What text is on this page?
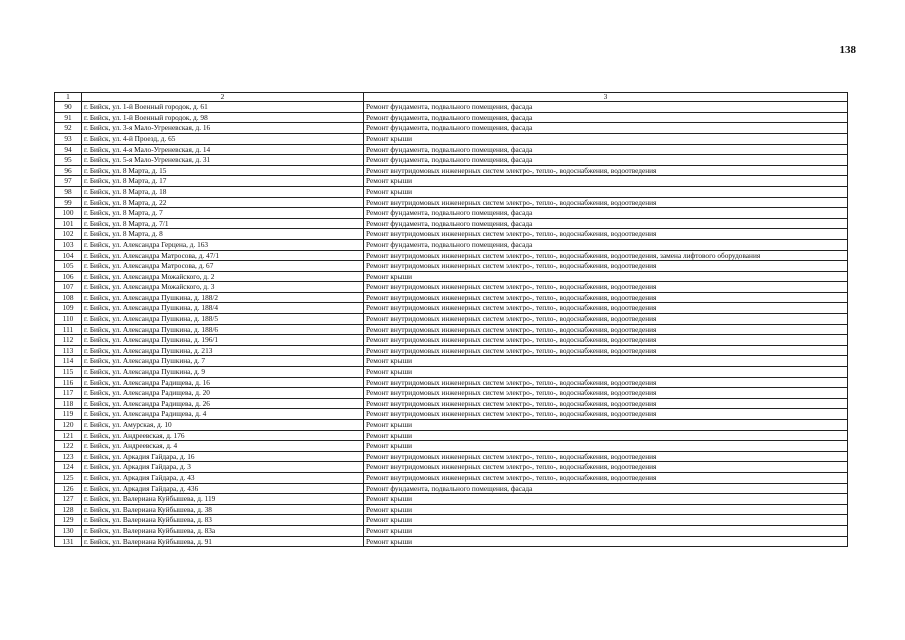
138
1	2	3
90	г. Бийск, ул. 1-й Военный городок, д. 61	Ремонт фундамента, подвального помещения, фасада
91	г. Бийск, ул. 1-й Военный городок, д. 98	Ремонт фундамента, подвального помещения, фасада
92	г. Бийск, ул. 3-я Мало-Угреневская, д. 16	Ремонт фундамента, подвального помещения, фасада
93	г. Бийск, ул. 4-й Проезд, д. 65	Ремонт крыши
94	г. Бийск, ул. 4-я Мало-Угреневская, д. 14	Ремонт фундамента, подвального помещения, фасада
95	г. Бийск, ул. 5-я Мало-Угреневская, д. 31	Ремонт фундамента, подвального помещения, фасада
96	г. Бийск, ул. 8 Марта, д. 15	Ремонт внутридомовых инженерных систем электро-, тепло-, водоснабжения, водоотведения
97	г. Бийск, ул. 8 Марта, д. 17	Ремонт крыши
98	г. Бийск, ул. 8 Марта, д. 18	Ремонт крыши
99	г. Бийск, ул. 8 Марта, д. 22	Ремонт внутридомовых инженерных систем электро-, тепло-, водоснабжения, водоотведения
100	г. Бийск, ул. 8 Марта, д. 7	Ремонт фундамента, подвального помещения, фасада
101	г. Бийск, ул. 8 Марта, д. 7/1	Ремонт фундамента, подвального помещения, фасада
102	г. Бийск, ул. 8 Марта, д. 8	Ремонт внутридомовых инженерных систем электро-, тепло-, водоснабжения, водоотведения
103	г. Бийск, ул. Александра Герцена, д. 163	Ремонт фундамента, подвального помещения, фасада
104	г. Бийск, ул. Александра Матросова, д. 47/1	Ремонт внутридомовых инженерных систем электро-, тепло-, водоснабжения, водоотведения, замена лифтового оборудования
105	г. Бийск, ул. Александра Матросова, д. 67	Ремонт внутридомовых инженерных систем электро-, тепло-, водоснабжения, водоотведения
106	г. Бийск, ул. Александра Можайского, д. 2	Ремонт крыши
107	г. Бийск, ул. Александра Можайского, д. 3	Ремонт внутридомовых инженерных систем электро-, тепло-, водоснабжения, водоотведения
108	г. Бийск, ул. Александра Пушкина, д. 188/2	Ремонт внутридомовых инженерных систем электро-, тепло-, водоснабжения, водоотведения
109	г. Бийск, ул. Александра Пушкина, д. 188/4	Ремонт внутридомовых инженерных систем электро-, тепло-, водоснабжения, водоотведения
110	г. Бийск, ул. Александра Пушкина, д. 188/5	Ремонт внутридомовых инженерных систем электро-, тепло-, водоснабжения, водоотведения
111	г. Бийск, ул. Александра Пушкина, д. 188/6	Ремонт внутридомовых инженерных систем электро-, тепло-, водоснабжения, водоотведения
112	г. Бийск, ул. Александра Пушкина, д. 196/1	Ремонт внутридомовых инженерных систем электро-, тепло-, водоснабжения, водоотведения
113	г. Бийск, ул. Александра Пушкина, д. 213	Ремонт внутридомовых инженерных систем электро-, тепло-, водоснабжения, водоотведения
114	г. Бийск, ул. Александра Пушкина, д. 7	Ремонт крыши
115	г. Бийск, ул. Александра Пушкина, д. 9	Ремонт крыши
116	г. Бийск, ул. Александра Радищева, д. 16	Ремонт внутридомовых инженерных систем электро-, тепло-, водоснабжения, водоотведения
117	г. Бийск, ул. Александра Радищева, д. 20	Ремонт внутридомовых инженерных систем электро-, тепло-, водоснабжения, водоотведения
118	г. Бийск, ул. Александра Радищева, д. 26	Ремонт внутридомовых инженерных систем электро-, тепло-, водоснабжения, водоотведения
119	г. Бийск, ул. Александра Радищева, д. 4	Ремонт внутридомовых инженерных систем электро-, тепло-, водоснабжения, водоотведения
120	г. Бийск, ул. Амурская, д. 10	Ремонт крыши
121	г. Бийск, ул. Андреевская, д. 176	Ремонт крыши
122	г. Бийск, ул. Андреевская, д. 4	Ремонт крыши
123	г. Бийск, ул. Аркадия Гайдара, д. 16	Ремонт внутридомовых инженерных систем электро-, тепло-, водоснабжения, водоотведения
124	г. Бийск, ул. Аркадия Гайдара, д. 3	Ремонт внутридомовых инженерных систем электро-, тепло-, водоснабжения, водоотведения
125	г. Бийск, ул. Аркадия Гайдара, д. 43	Ремонт внутридомовых инженерных систем электро-, тепло-, водоснабжения, водоотведения
126	г. Бийск, ул. Аркадия Гайдара, д. 436	Ремонт фундамента, подвального помещения, фасада
127	г. Бийск, ул. Валериана Куйбышева, д. 119	Ремонт крыши
128	г. Бийск, ул. Валериана Куйбышева, д. 38	Ремонт крыши
129	г. Бийск, ул. Валериана Куйбышева, д. 83	Ремонт крыши
130	г. Бийск, ул. Валериана Куйбышева, д. 83а	Ремонт крыши
131	г. Бийск, ул. Валериана Куйбышева, д. 91	Ремонт крыши
